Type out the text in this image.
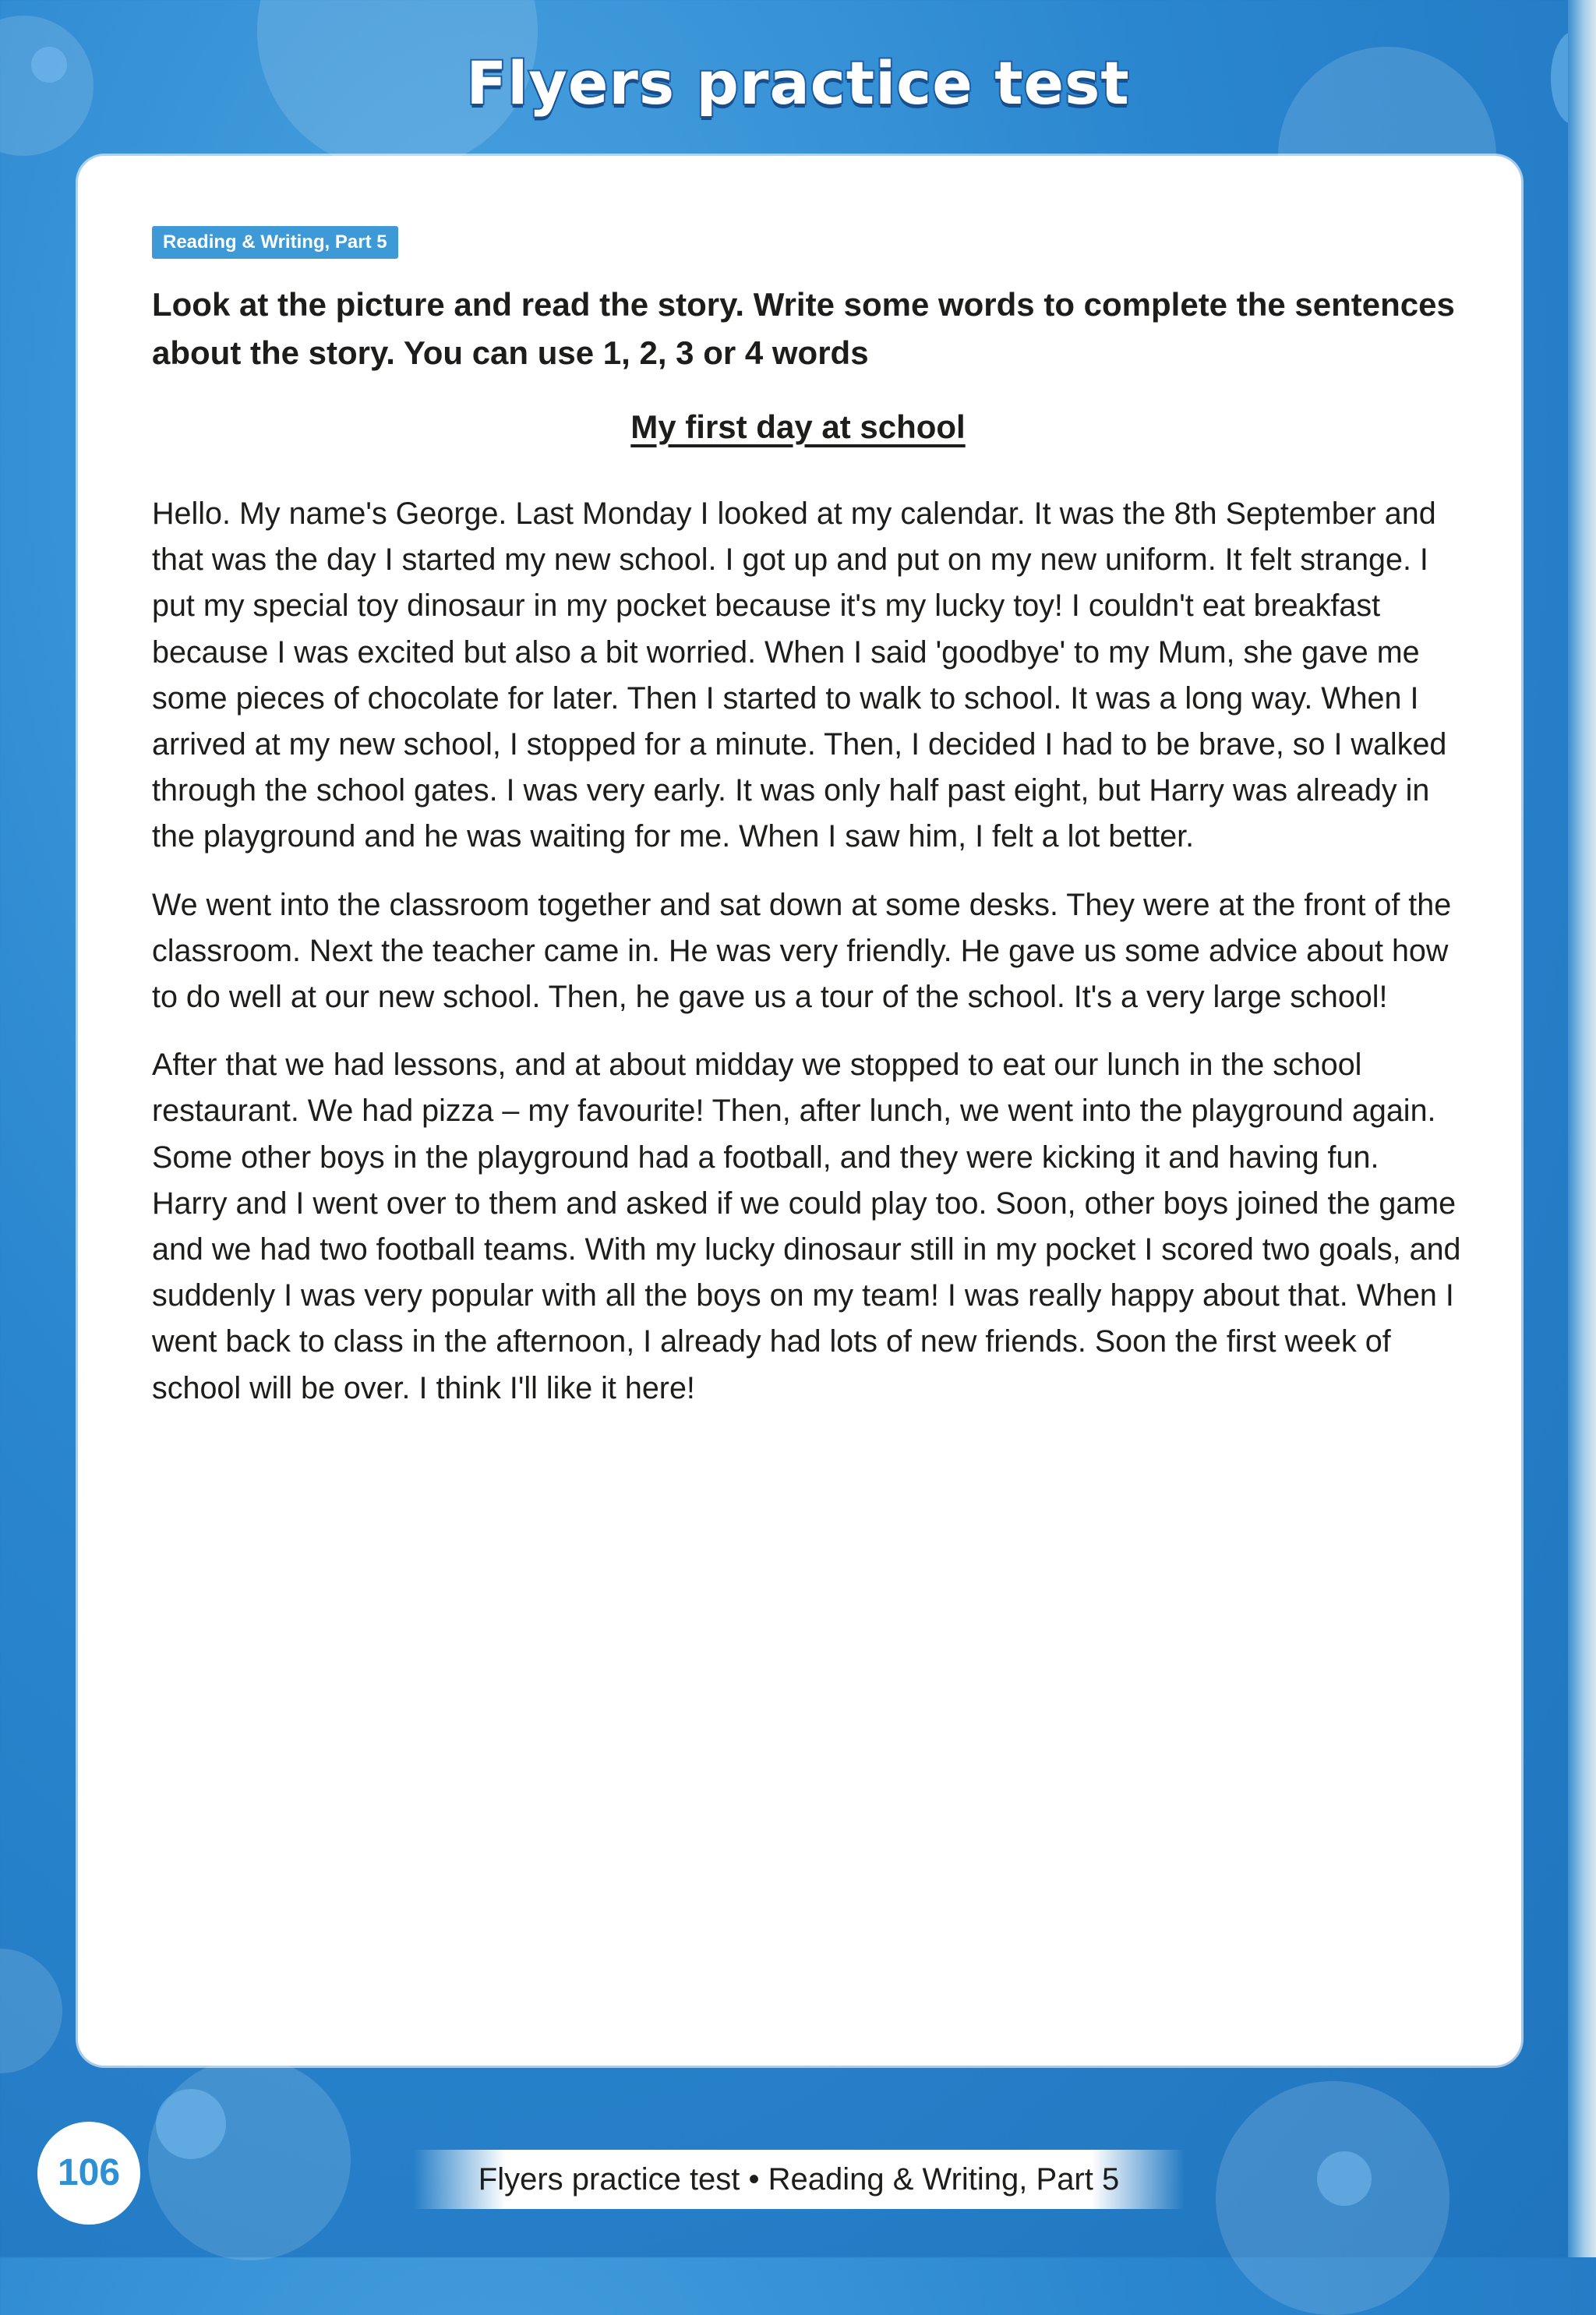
Flyers practice test
Reading & Writing, Part 5
Look at the picture and read the story. Write some words to complete the sentences about the story. You can use 1, 2, 3 or 4 words
My first day at school

Hello. My name's George. Last Monday I looked at my calendar. It was the 8th September and that was the day I started my new school. I got up and put on my new uniform. It felt strange. I put my special toy dinosaur in my pocket because it's my lucky toy! I couldn't eat breakfast because I was excited but also a bit worried. When I said 'goodbye' to my Mum, she gave me some pieces of chocolate for later. Then I started to walk to school. It was a long way. When I arrived at my new school, I stopped for a minute. Then, I decided I had to be brave, so I walked through the school gates. I was very early. It was only half past eight, but Harry was already in the playground and he was waiting for me. When I saw him, I felt a lot better.

We went into the classroom together and sat down at some desks. They were at the front of the classroom. Next the teacher came in. He was very friendly. He gave us some advice about how to do well at our new school. Then, he gave us a tour of the school. It's a very large school!

After that we had lessons, and at about midday we stopped to eat our lunch in the school restaurant. We had pizza – my favourite! Then, after lunch, we went into the playground again. Some other boys in the playground had a football, and they were kicking it and having fun. Harry and I went over to them and asked if we could play too. Soon, other boys joined the game and we had two football teams. With my lucky dinosaur still in my pocket I scored two goals, and suddenly I was very popular with all the boys on my team! I was really happy about that. When I went back to class in the afternoon, I already had lots of new friends. Soon the first week of school will be over. I think I'll like it here!

106	Flyers practice test • Reading & Writing, Part 5
